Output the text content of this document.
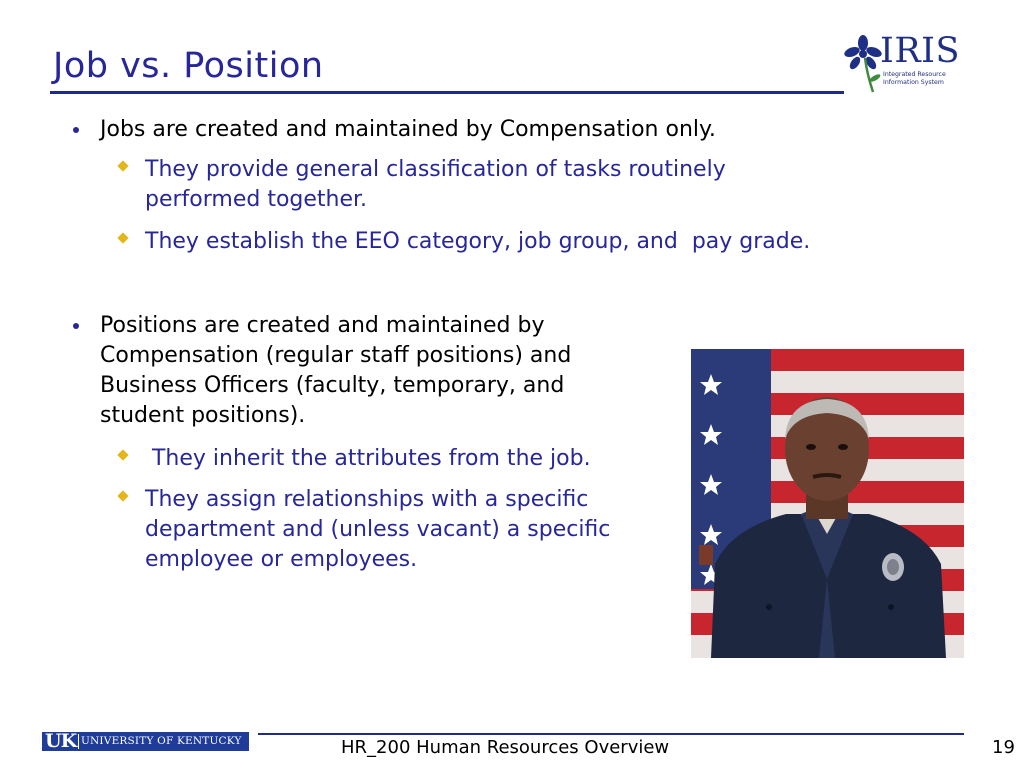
Job vs. Position	IRIS
Integrated Resource
Information System
Jobs are created and maintained by Compensation only.
They provide general classification of tasks routinely
performed together.
They establish the EEO category, job group, and  pay grade.
Positions are created and maintained by
Compensation (regular staff positions) and
Business Officers (faculty, temporary, and
student positions).
They inherit the attributes from the job.
They assign relationships with a specific
department and (unless vacant) a specific
employee or employees.
UK UNIVERSITY OF KENTUCKY	HR_200 Human Resources Overview	19
